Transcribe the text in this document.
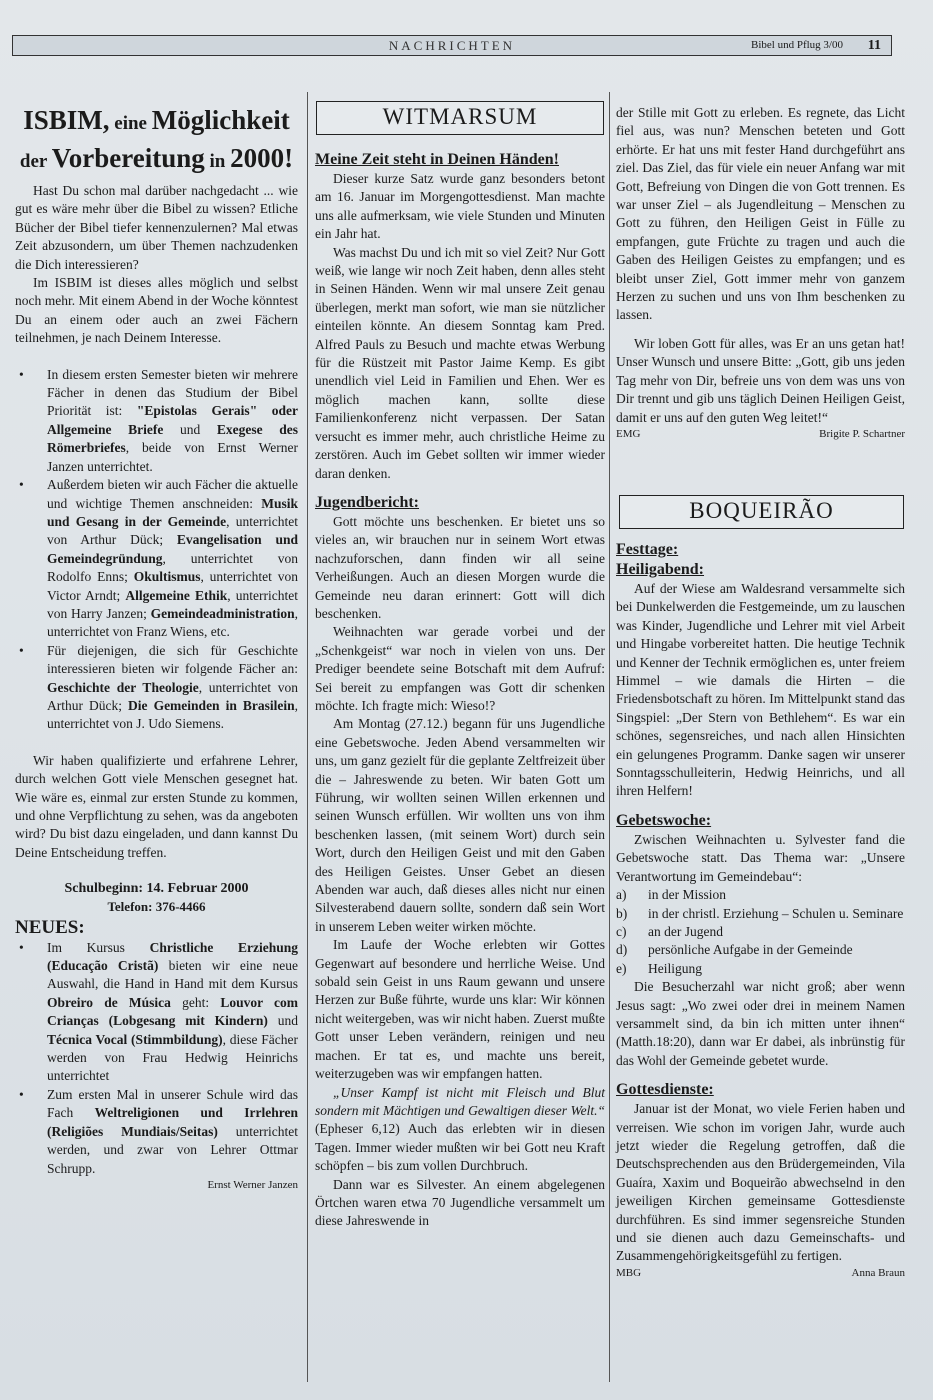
NACHRICHTEN	Bibel und Pflug 3/00 11
ISBIM, eine Möglichkeit
der Vorbereitung in 2000!

Hast Du schon mal darüber nachgedacht ... wie gut es wäre mehr über die Bibel zu wissen? Etliche Bücher der Bibel tiefer kennenzulernen? Mal etwas Zeit abzusondern, um über Themen nachzudenken die Dich interessieren?

Im ISBIM ist dieses alles möglich und selbst noch mehr. Mit einem Abend in der Woche könntest Du an einem oder auch an zwei Fächern teilnehmen, je nach Deinem Interesse.

• In diesem ersten Semester bieten wir mehrere Fächer in denen das Studium der Bibel Priorität ist: "Epistolas Gerais" oder Allgemeine Briefe und Exegese des Römerbriefes, beide von Ernst Werner Janzen unterrichtet.
• Außerdem bieten wir auch Fächer die aktuelle und wichtige Themen anschneiden: Musik und Gesang in der Gemeinde, unterrichtet von Arthur Dück; Evangelisation und Gemeindegründung, unterrichtet von Rodolfo Enns; Okultismus, unterrichtet von Victor Arndt; Allgemeine Ethik, unterrichtet von Harry Janzen; Gemeindeadministration, unterrichtet von Franz Wiens, etc.
• Für diejenigen, die sich für Geschichte interessieren bieten wir folgende Fächer an: Geschichte der Theologie, unterrichtet von Arthur Dück; Die Gemeinden in Brasilein, unterrichtet von J. Udo Siemens.

Wir haben qualifizierte und erfahrene Lehrer, durch welchen Gott viele Menschen gesegnet hat. Wie wäre es, einmal zur ersten Stunde zu kommen, und ohne Verpflichtung zu sehen, was da angeboten wird? Du bist dazu eingeladen, und dann kannst Du Deine Entscheidung treffen.

Schulbeginn: 14. Februar 2000

Telefon: 376-4466

NEUES:

• Im Kursus Christliche Erziehung (Educação Cristã) bieten wir eine neue Auswahl, die Hand in Hand mit dem Kursus Obreiro de Música geht: Louvor com Crianças (Lobgesang mit Kindern) und Técnica Vocal (Stimmbildung), diese Fächer werden von Frau Hedwig Heinrichs unterrichtet
• Zum ersten Mal in unserer Schule wird das Fach Weltreligionen und Irrlehren (Religiões Mundiais/Seitas) unterrichtet werden, und zwar von Lehrer Ottmar Schrupp.

Ernst Werner Janzen

WITMARSUM

Meine Zeit steht in Deinen Händen!

Dieser kurze Satz wurde ganz besonders betont am 16. Januar im Morgengottesdienst. Man machte uns alle aufmerksam, wie viele Stunden und Minuten ein Jahr hat.

Was machst Du und ich mit so viel Zeit? Nur Gott weiß, wie lange wir noch Zeit haben, denn alles steht in Seinen Händen. Wenn wir mal unsere Zeit genau überlegen, merkt man sofort, wie man sie nützlicher einteilen könnte. An diesem Sonntag kam Pred. Alfred Pauls zu Besuch und machte etwas Werbung für die Rüstzeit mit Pastor Jaime Kemp. Es gibt unendlich viel Leid in Familien und Ehen. Wer es möglich machen kann, sollte diese Familienkonferenz nicht verpassen. Der Satan versucht es immer mehr, auch christliche Heime zu zerstören. Auch im Gebet sollten wir immer wieder daran denken.

Jugendbericht:

Gott möchte uns beschenken. Er bietet uns so vieles an, wir brauchen nur in seinem Wort etwas nachzuforschen, dann finden wir all seine Verheißungen. Auch an diesen Morgen wurde die Gemeinde neu daran erinnert: Gott will dich beschenken.

Weihnachten war gerade vorbei und der „Schenkgeist“ war noch in vielen von uns. Der Prediger beendete seine Botschaft mit dem Aufruf: Sei bereit zu empfangen was Gott dir schenken möchte. Ich fragte mich: Wieso!?

Am Montag (27.12.) begann für uns Jugendliche eine Gebetswoche. Jeden Abend versammelten wir uns, um ganz gezielt für die geplante Zeltfreizeit über die – Jahreswende zu beten. Wir baten Gott um Führung, wir wollten seinen Willen erkennen und seinen Wunsch erfüllen. Wir wollten uns von ihm beschenken lassen, (mit seinem Wort) durch sein Wort, durch den Heiligen Geist und mit den Gaben des Heiligen Geistes. Unser Gebet an diesen Abenden war auch, daß dieses alles nicht nur einen Silvesterabend dauern sollte, sondern daß sein Wort in unserem Leben weiter wirken möchte.

Im Laufe der Woche erlebten wir Gottes Gegenwart auf besondere und herrliche Weise. Und sobald sein Geist in uns Raum gewann und unsere Herzen zur Buße führte, wurde uns klar: Wir können nicht weitergeben, was wir nicht haben. Zuerst mußte Gott unser Leben verändern, reinigen und neu machen. Er tat es, und machte uns bereit, weiterzugeben was wir empfangen hatten.

„Unser Kampf ist nicht mit Fleisch und Blut sondern mit Mächtigen und Gewaltigen dieser Welt.“ (Epheser 6,12) Auch das erlebten wir in diesen Tagen. Immer wieder mußten wir bei Gott neu Kraft schöpfen – bis zum vollen Durchbruch.

Dann war es Silvester. An einem abgelegenen Örtchen waren etwa 70 Jugendliche versammelt um diese Jahreswende in

der Stille mit Gott zu erleben. Es regnete, das Licht fiel aus, was nun? Menschen beteten und Gott erhörte. Er hat uns mit fester Hand durchgeführt ans ziel. Das Ziel, das für viele ein neuer Anfang war mit Gott, Befreiung von Dingen die von Gott trennen. Es war unser Ziel – als Jugendleitung – Menschen zu Gott zu führen, den Heiligen Geist in Fülle zu empfangen, gute Früchte zu tragen und auch die Gaben des Heiligen Geistes zu empfangen; und es bleibt unser Ziel, Gott immer mehr von ganzem Herzen zu suchen und uns von Ihm beschenken zu lassen.

Wir loben Gott für alles, was Er an uns getan hat! Unser Wunsch und unsere Bitte: „Gott, gib uns jeden Tag mehr von Dir, befreie uns von dem was uns von Dir trennt und gib uns täglich Deinen Heiligen Geist, damit er uns auf den guten Weg leitet!“

EMG	Brigite P. Schartner
BOQUEIRÃO

Festtage:

Heiligabend:

Auf der Wiese am Waldesrand versammelte sich bei Dunkelwerden die Festgemeinde, um zu lauschen was Kinder, Jugendliche und Lehrer mit viel Arbeit und Hingabe vorbereitet hatten. Die heutige Technik und Kenner der Technik ermöglichen es, unter freiem Himmel – wie damals die Hirten – die Friedensbotschaft zu hören. Im Mittelpunkt stand das Singspiel: „Der Stern von Bethlehem“. Es war ein schönes, segensreiches, und nach allen Hinsichten ein gelungenes Programm. Danke sagen wir unserer Sonntagsschulleiterin, Hedwig Heinrichs, und all ihren Helfern!

Gebetswoche:

Zwischen Weihnachten u. Sylvester fand die Gebetswoche statt. Das Thema war: „Unsere Verantwortung im Gemeindebau“:

a) in der Mission
b) in der christl. Erziehung – Schulen u. Seminare
c) an der Jugend
d) persönliche Aufgabe in der Gemeinde
e) Heiligung

Die Besucherzahl war nicht groß; aber wenn Jesus sagt: „Wo zwei oder drei in meinem Namen versammelt sind, da bin ich mitten unter ihnen“ (Matth.18:20), dann war Er dabei, als inbrünstig für das Wohl der Gemeinde gebetet wurde.

Gottesdienste:

Januar ist der Monat, wo viele Ferien haben und verreisen. Wie schon im vorigen Jahr, wurde auch jetzt wieder die Regelung getroffen, daß die Deutschsprechenden aus den Brüdergemeinden, Vila Guaíra, Xaxim und Boqueirão abwechselnd in den jeweiligen Kirchen gemeinsame Gottesdienste durchführen. Es sind immer segensreiche Stunden und sie dienen auch dazu Gemeinschafts- und Zusammengehörigkeitsgefühl zu fertigen.

MBG	Anna Braun
